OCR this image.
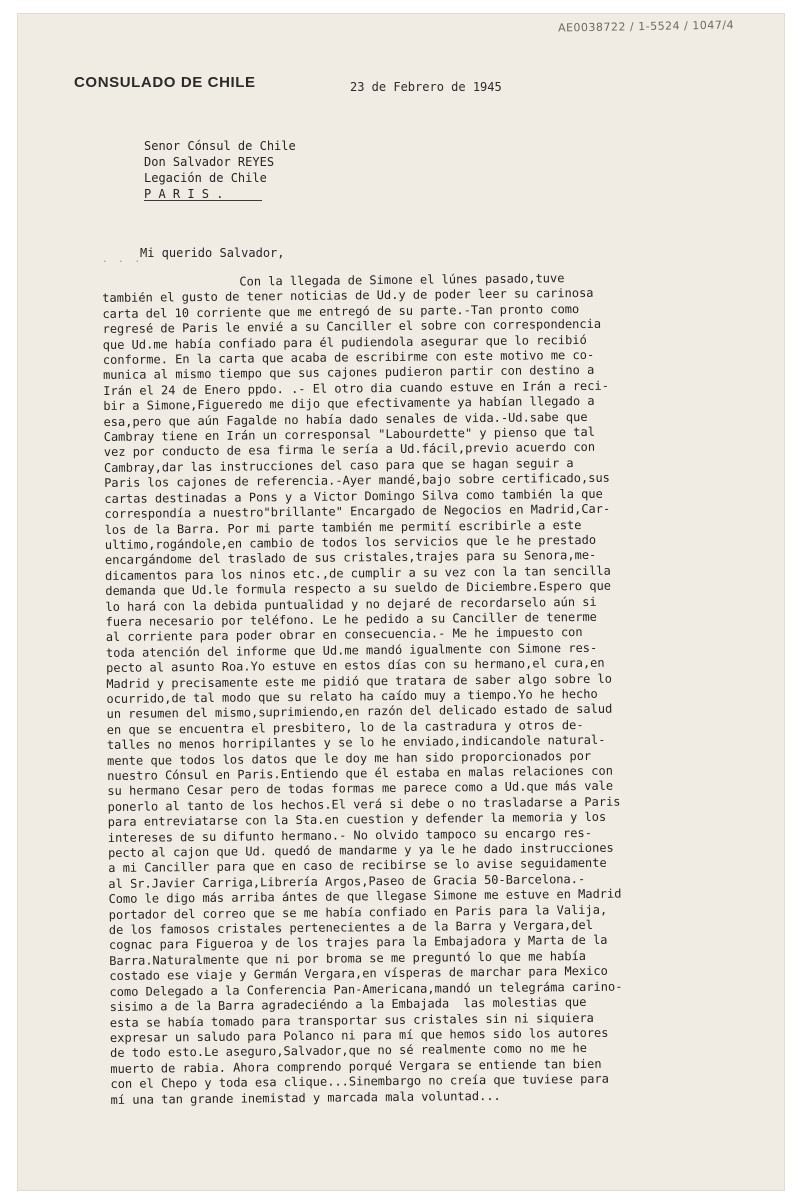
AE0038722 / 1-5524 / 1047/4
CONSULADO DE CHILE	23 de Febrero de 1945
Senor Cónsul de Chile
Don Salvador REYES
Legación de Chile
P A R I S .
. . .
Mi querido Salvador,
Con la llegada de Simone el lúnes pasado,tuve
también el gusto de tener noticias de Ud.y de poder leer su carinosa
carta del 10 corriente que me entregó de su parte.-Tan pronto como
regresé de Paris le envié a su Canciller el sobre con correspondencia
que Ud.me había confiado para él pudiendola asegurar que lo recibió
conforme. En la carta que acaba de escribirme con este motivo me co-
munica al mismo tiempo que sus cajones pudieron partir con destino a
Irán el 24 de Enero ppdo. .- El otro dia cuando estuve en Irán a reci-
bir a Simone,Figueredo me dijo que efectivamente ya habían llegado a
esa,pero que aún Fagalde no había dado senales de vida.-Ud.sabe que
Cambray tiene en Irán un corresponsal "Labourdette" y pienso que tal
vez por conducto de esa firma le sería a Ud.fácil,previo acuerdo con
Cambray,dar las instrucciones del caso para que se hagan seguir a
Paris los cajones de referencia.-Ayer mandé,bajo sobre certificado,sus
cartas destinadas a Pons y a Victor Domingo Silva como también la que
correspondía a nuestro"brillante" Encargado de Negocios en Madrid,Car-
los de la Barra. Por mi parte también me permití escribirle a este
ultimo,rogándole,en cambio de todos los servicios que le he prestado
encargándome del traslado de sus cristales,trajes para su Senora,me-
dicamentos para los ninos etc.,de cumplir a su vez con la tan sencilla
demanda que Ud.le formula respecto a su sueldo de Diciembre.Espero que
lo hará con la debida puntualidad y no dejaré de recordarselo aún si
fuera necesario por teléfono. Le he pedido a su Canciller de tenerme
al corriente para poder obrar en consecuencia.- Me he impuesto con
toda atención del informe que Ud.me mandó igualmente con Simone res-
pecto al asunto Roa.Yo estuve en estos días con su hermano,el cura,en
Madrid y precisamente este me pidió que tratara de saber algo sobre lo
ocurrido,de tal modo que su relato ha caído muy a tiempo.Yo he hecho
un resumen del mismo,suprimiendo,en razón del delicado estado de salud
en que se encuentra el presbitero, lo de la castradura y otros de-
talles no menos horripilantes y se lo he enviado,indicandole natural-
mente que todos los datos que le doy me han sido proporcionados por
nuestro Cónsul en Paris.Entiendo que él estaba en malas relaciones con
su hermano Cesar pero de todas formas me parece como a Ud.que más vale
ponerlo al tanto de los hechos.El verá si debe o no trasladarse a Paris
para entreviatarse con la Sta.en cuestion y defender la memoria y los
intereses de su difunto hermano.- No olvido tampoco su encargo res-
pecto al cajon que Ud. quedó de mandarme y ya le he dado instrucciones
a mi Canciller para que en caso de recibirse se lo avise seguidamente
al Sr.Javier Carriga,Librería Argos,Paseo de Gracia 50-Barcelona.-
Como le digo más arriba ántes de que llegase Simone me estuve en Madrid
portador del correo que se me había confiado en Paris para la Valija,
de los famosos cristales pertenecientes a de la Barra y Vergara,del
cognac para Figueroa y de los trajes para la Embajadora y Marta de la
Barra.Naturalmente que ni por broma se me preguntó lo que me había
costado ese viaje y Germán Vergara,en vísperas de marchar para Mexico
como Delegado a la Conferencia Pan-Americana,mandó un telegráma carino-
sisimo a de la Barra agradeciéndo a la Embajada  las molestias que
esta se había tomado para transportar sus cristales sin ni siquiera
expresar un saludo para Polanco ni para mí que hemos sido los autores
de todo esto.Le aseguro,Salvador,que no sé realmente como no me he
muerto de rabia. Ahora comprendo porqué Vergara se entiende tan bien
con el Chepo y toda esa clique...Sinembargo no creía que tuviese para
mí una tan grande inemistad y marcada mala voluntad...
